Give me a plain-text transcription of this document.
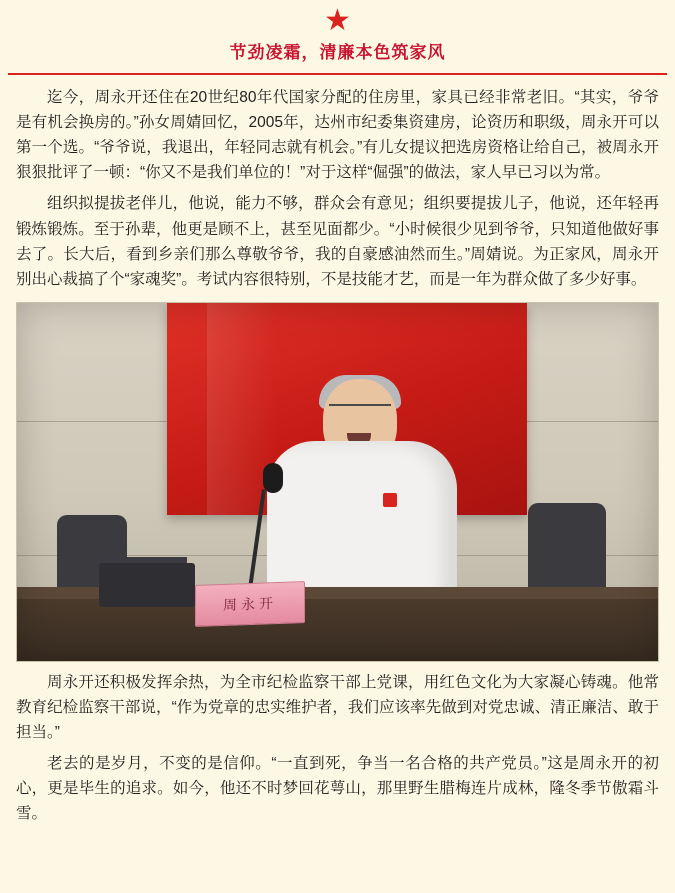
★
节劲凌霜，清廉本色筑家风

迄今，周永开还住在20世纪80年代国家分配的住房里，家具已经非常老旧。“其实，爷爷是有机会换房的。”孙女周婧回忆，2005年，达州市纪委集资建房，论资历和职级，周永开可以第一个选。“爷爷说，我退出，年轻同志就有机会。”有儿女提议把选房资格让给自己，被周永开狠狠批评了一顿：“你又不是我们单位的！”对于这样“倔强”的做法，家人早已习以为常。

组织拟提拔老伴儿，他说，能力不够，群众会有意见；组织要提拔儿子，他说，还年轻再锻炼锻炼。至于孙辈，他更是顾不上，甚至见面都少。“小时候很少见到爷爷，只知道他做好事去了。长大后，看到乡亲们那么尊敬爷爷，我的自豪感油然而生。”周婧说。为正家风，周永开别出心裁搞了个“家魂奖”。考试内容很特别，不是技能才艺，而是一年为群众做了多少好事。

周永开

周永开还积极发挥余热，为全市纪检监察干部上党课，用红色文化为大家凝心铸魂。他常教育纪检监察干部说，“作为党章的忠实维护者，我们应该率先做到对党忠诚、清正廉洁、敢于担当。”

老去的是岁月，不变的是信仰。“一直到死，争当一名合格的共产党员。”这是周永开的初心，更是毕生的追求。如今，他还不时梦回花萼山，那里野生腊梅连片成林，隆冬季节傲霜斗雪。
